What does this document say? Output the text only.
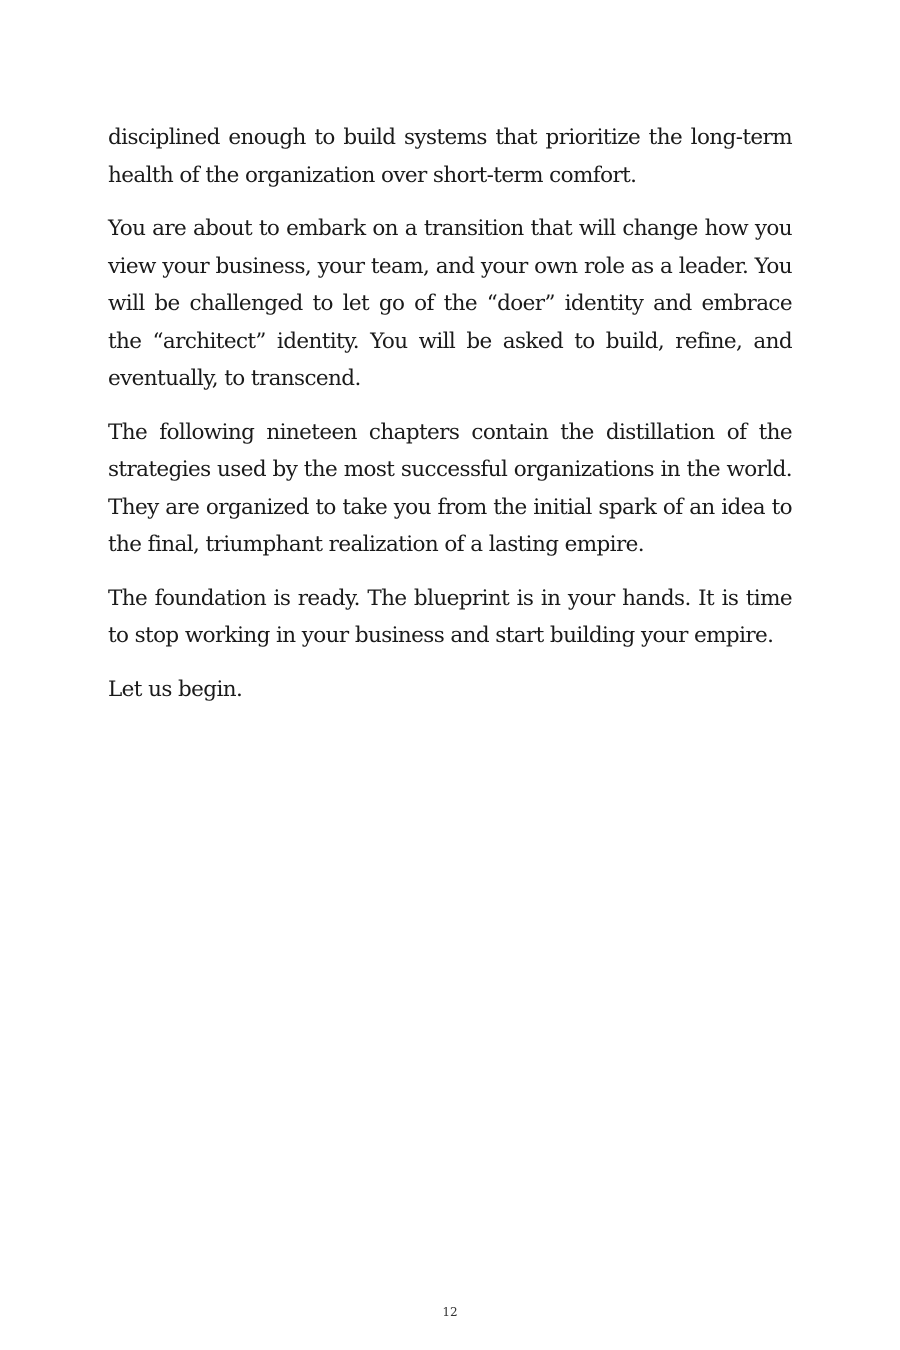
disciplined enough to build systems that prioritize the long-term health of the organization over short-term comfort.

You are about to embark on a transition that will change how you view your business, your team, and your own role as a leader. You will be challenged to let go of the “doer” identity and embrace the “architect” identity. You will be asked to build, refine, and eventually, to transcend.

The following nineteen chapters contain the distillation of the strategies used by the most successful organizations in the world. They are organized to take you from the initial spark of an idea to the final, triumphant realization of a lasting empire.

The foundation is ready. The blueprint is in your hands. It is time to stop working in your business and start building your empire.

Let us begin.

12
